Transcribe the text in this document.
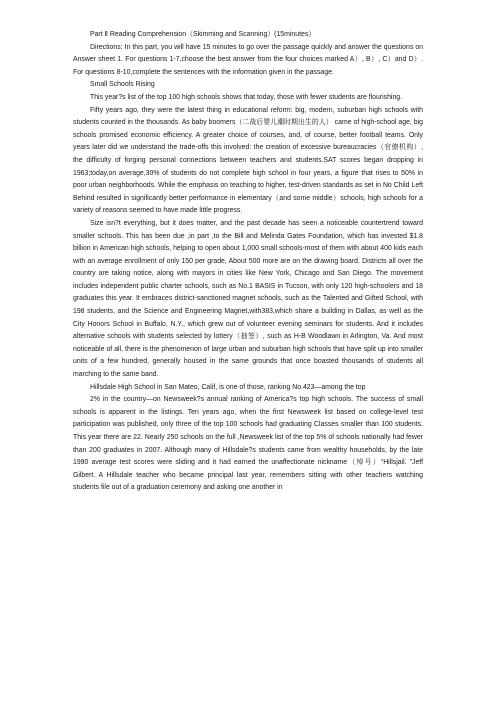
Part Ⅱ Reading Comprehension（Skimming and Scanning）(15minutes）

Directions: In this part, you will have 15 minutes to go over the passage quickly and answer the questions on Answer sheet 1. For questions 1-7,choose the best answer from the four choices marked A）, B）, C）and D）. For questions 8-10,complete the sentences with the information given in the passage.

Small Schools Rising

This year?s list of the top 100 high schools shows that today, those with fewer students are flourishing.

Fifty years ago, they were the latest thing in educational reform: big, modern, suburban high schools with students counted in the thousands. As baby boomers（二战后婴儿潮时期出生的人） came of high-school age, big schools promised economic efficiency. A greater choice of courses, and, of course, better football teams. Only years later did we understand the trade-offs this involved: the creation of excessive bureaucracies（官僚机构）, the difficulty of forging personal connections between teachers and students.SAT scores began dropping in 1963;today,on average,30% of students do not complete high school in four years, a figure that rises to 50% in poor urban neighborhoods. While the emphasis on teaching to higher, test-driven standards as set in No Child Left Behind resulted in significantly better performance in elementary（and some middle）schools, high schools for a variety of reasons seemed to have made little progress.

Size isn?t everything, but it does matter, and the past decade has seen a noticeable countertrend toward smaller schools. This has been due ,in part ,to the Bill and Melinda Gates Foundation, which has invested $1.8 billion in American high schools, helping to open about 1,000 small schools-most of them with about 400 kids each with an average enrollment of only 150 per grade, About 500 more are on the drawing board. Districts all over the country are taking notice, along with mayors in cities like New York, Chicago and San Diego. The movement includes independent public charter schools, such as No.1 BASIS in Tucson, with only 120 high-schoolers and 18 graduates this year. It embraces district-sanctioned magnet schools, such as the Talented and Gifted School, with 198 students, and the Science and Engineering Magnet,with383,which share a building in Dallas, as well as the City Honors School in Buffalo, N.Y., which grew out of volunteer evening seminars for students. And it includes alternative schools with students selected by lottery（抽签）, such as H-B Woodlawn in Arlington, Va. And most noticeable of all, there is the phenomenon of large urban and suburban high schools that have split up into smaller units of a few hundred, generally housed in the same grounds that once boasted thousands of students all marching to the same band.

Hillsdale High School in San Mateo, Calif, is one of those, ranking No.423—among the top

2% in the country—on Newsweek?s annual ranking of America?s top high schools. The success of small schools is apparent in the listings. Ten years ago, when the first Newsweek list based on college-level test participation was published, only three of the top 100 schools had graduating Classes smaller than 100 students. This year there are 22. Nearly 250 schools on the full ,Newsweek list of the top 5% of schools nationally had fewer than 200 graduates in 2007. Although many of Hillsdale?s students came from wealthy households, by the late 1990 average test scores were sliding and it had earned the unaffectionate nickname（绰号）“Hillsjail. ”Jeff Gilbert. A Hillsdale teacher who became principal last year, remembers sitting with other teachers watching students file out of a graduation ceremony and asking one another in
